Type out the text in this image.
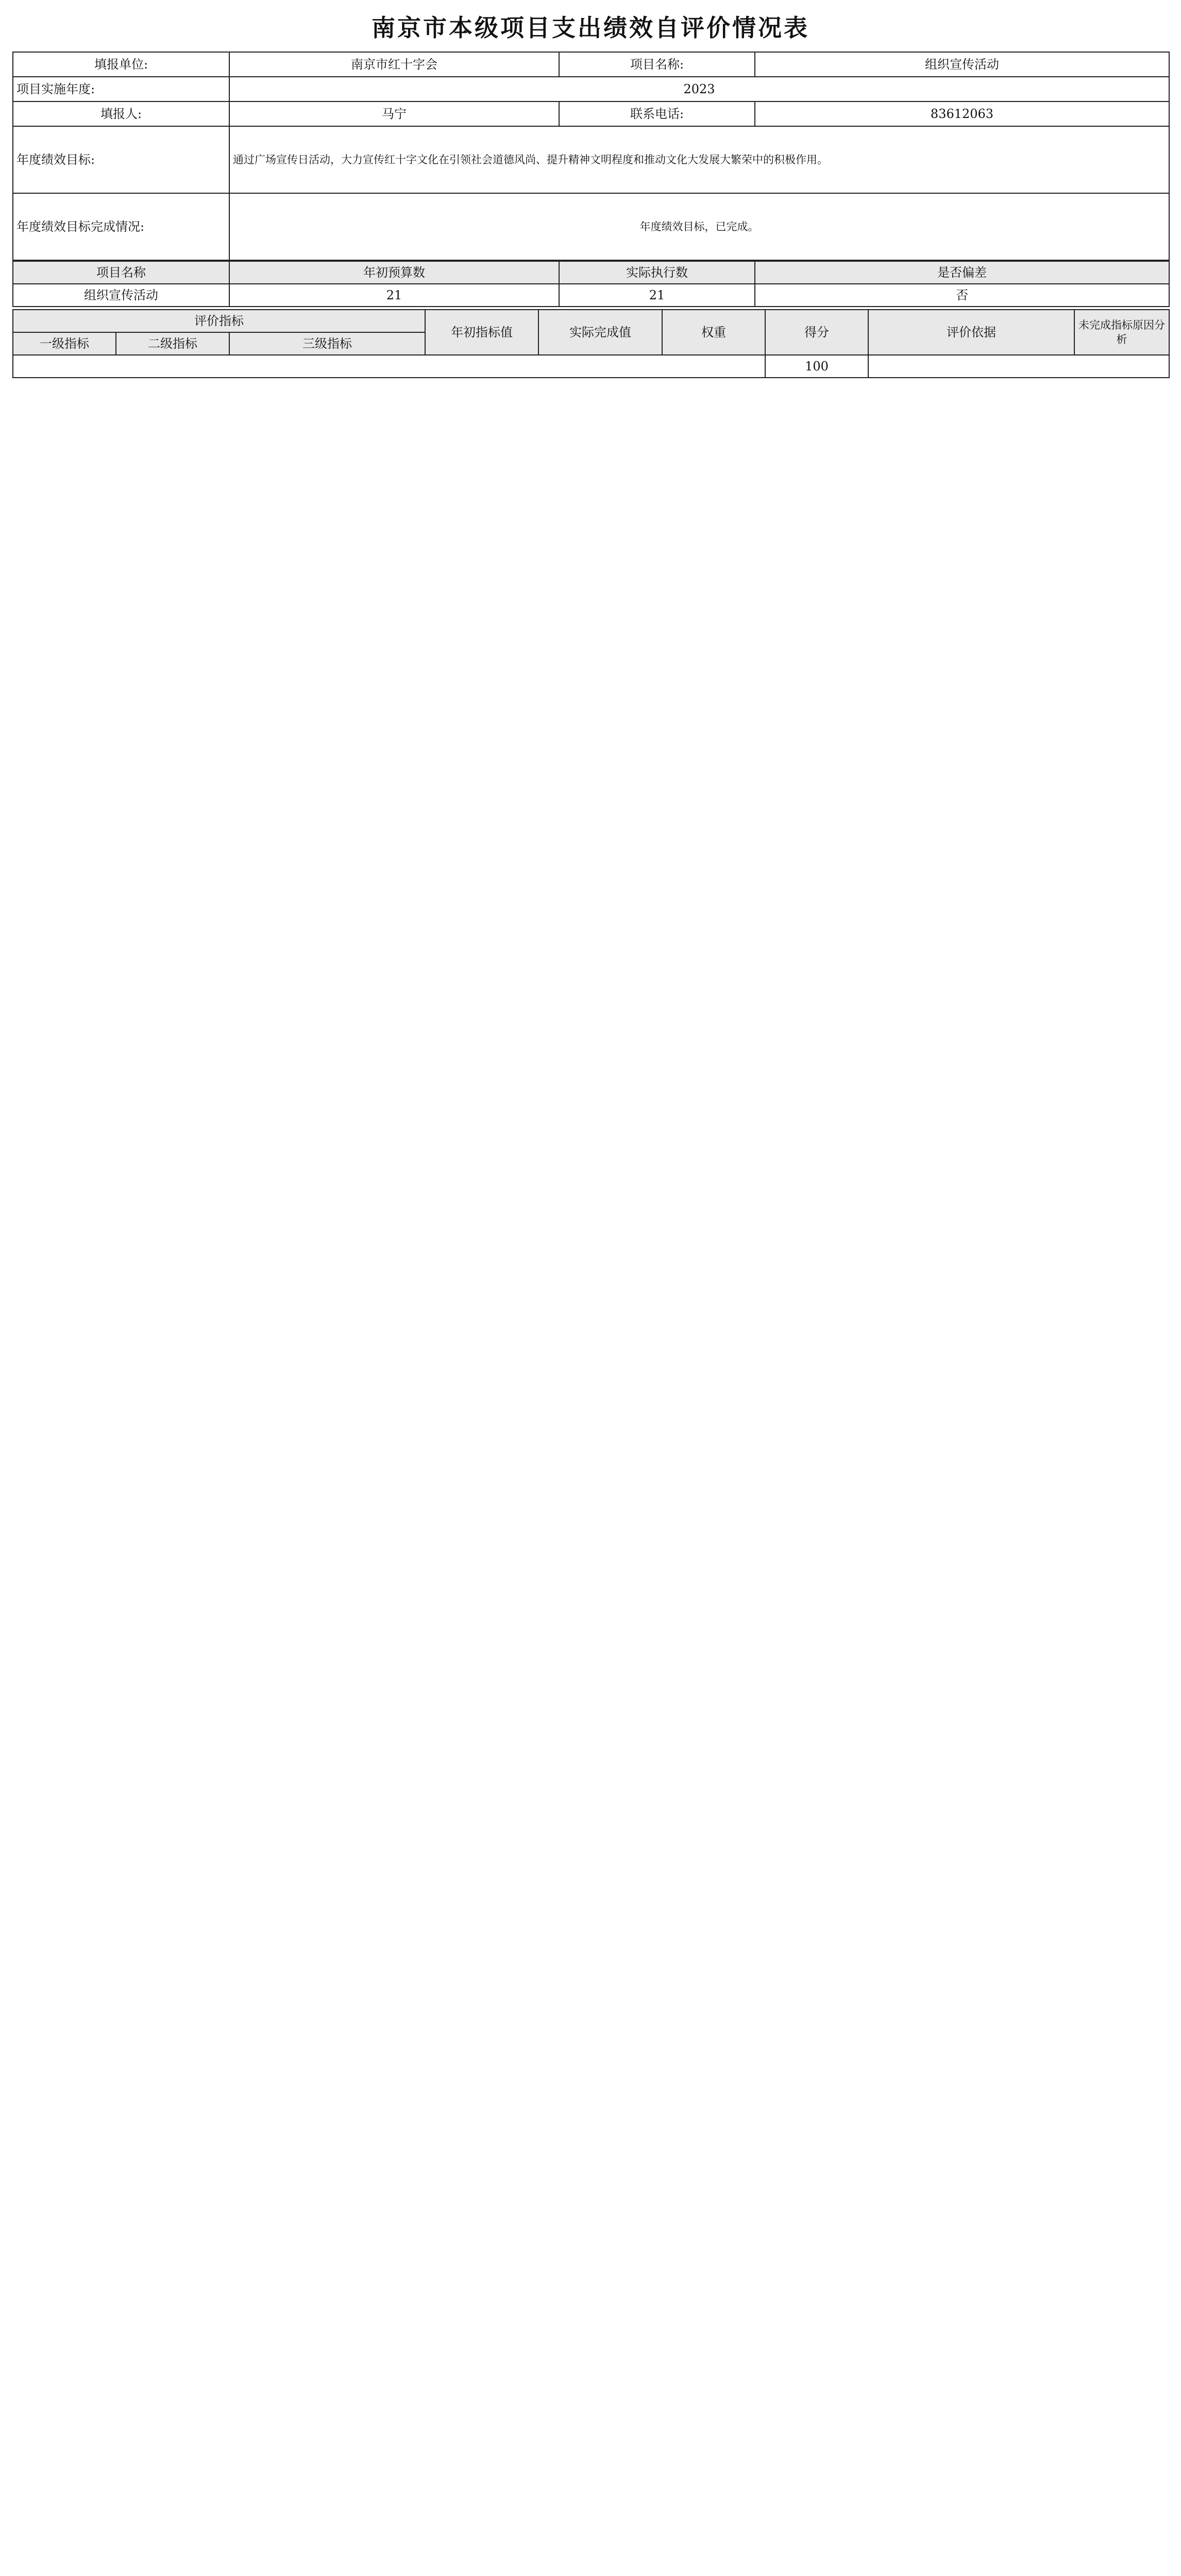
南京市本级项目支出绩效自评价情况表
填报单位:	南京市红十字会	项目名称:	组织宣传活动
项目实施年度:	2023		
填报人:	马宁	联系电话:	83612063
年度绩效目标:	通过广场宣传日活动，大力宣传红十字文化在引领社会道德风尚、提升精神文明程度和推动文化大发展大繁荣中的积极作用。		
年度绩效目标完成情况:	年度绩效目标，已完成。		
项目名称	年初预算数	实际执行数	是否偏差
组织宣传活动	21	21	否
评价指标			年初指标值	实际完成值	权重	得分	评价依据	未完成指标原因分析
一级指标	二级指标	三级指标						
						100		
